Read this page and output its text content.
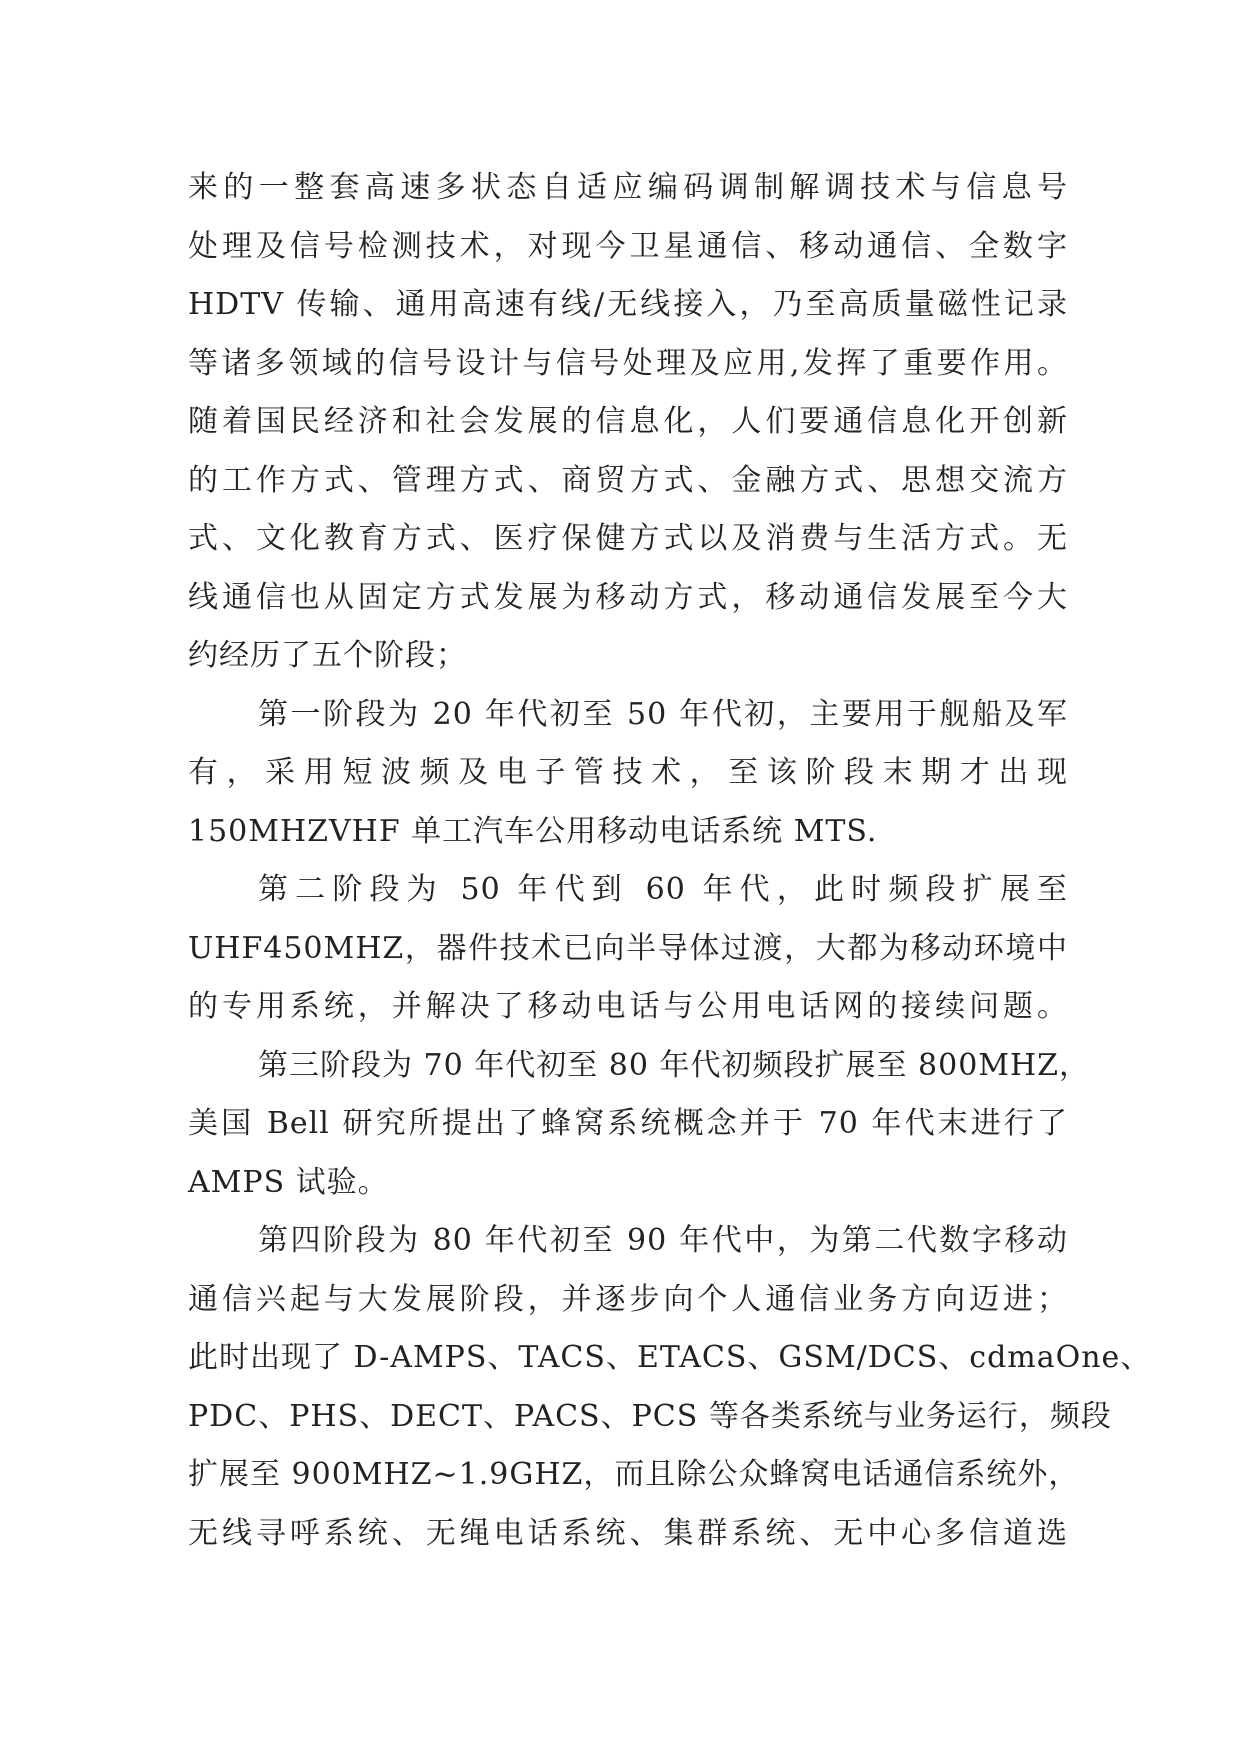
来的一整套高速多状态自适应编码调制解调技术与信息号
处理及信号检测技术，对现今卫星通信、移动通信、全数字
HDTV 传输、通用高速有线/无线接入，乃至高质量磁性记录
等诸多领域的信号设计与信号处理及应用,发挥了重要作用。
随着国民经济和社会发展的信息化，人们要通信息化开创新
的工作方式、管理方式、商贸方式、金融方式、思想交流方
式、文化教育方式、医疗保健方式以及消费与生活方式。无
线通信也从固定方式发展为移动方式，移动通信发展至今大
约经历了五个阶段；
第一阶段为 20 年代初至 50 年代初，主要用于舰船及军
有，采用短波频及电子管技术，至该阶段末期才出现
150MHZVHF 单工汽车公用移动电话系统 MTS.
第二阶段为 50 年代到 60 年代，此时频段扩展至
UHF450MHZ，器件技术已向半导体过渡，大都为移动环境中
的专用系统，并解决了移动电话与公用电话网的接续问题。
第三阶段为 70 年代初至 80 年代初频段扩展至 800MHZ，
美国 Bell 研究所提出了蜂窝系统概念并于 70 年代末进行了
AMPS 试验。
第四阶段为 80 年代初至 90 年代中，为第二代数字移动
通信兴起与大发展阶段，并逐步向个人通信业务方向迈进；
此时出现了 D-AMPS、TACS、ETACS、GSM/DCS、cdmaOne、
PDC、PHS、DECT、PACS、PCS 等各类系统与业务运行，频段
扩展至 900MHZ~1.9GHZ，而且除公众蜂窝电话通信系统外，
无线寻呼系统、无绳电话系统、集群系统、无中心多信道选
